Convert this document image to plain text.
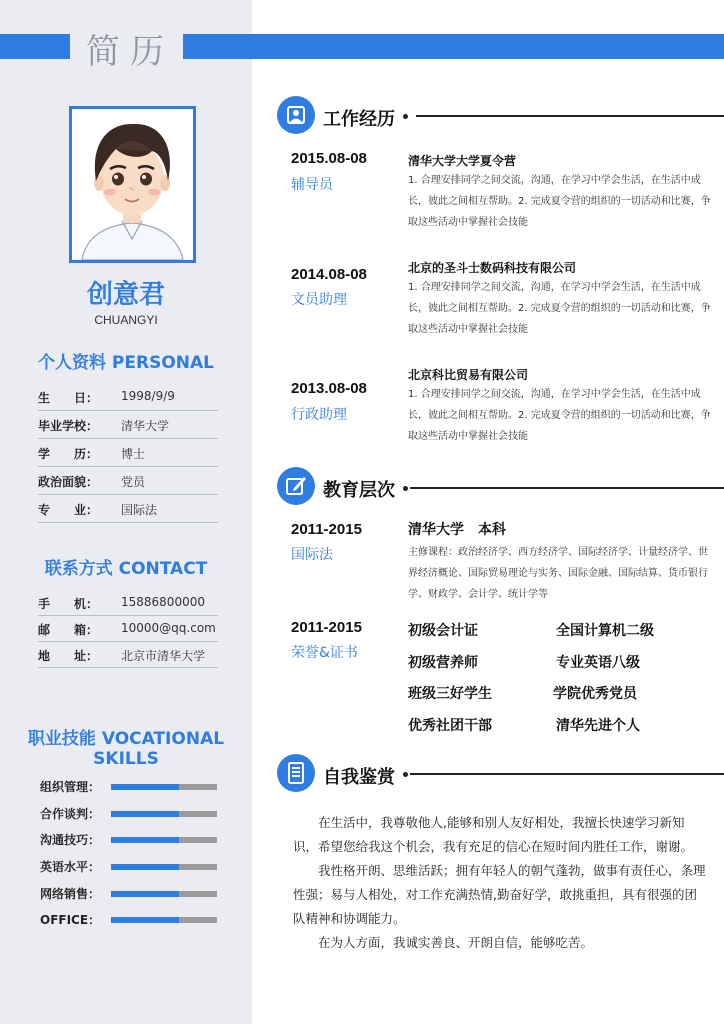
简历
创意君
CHUANGYI
个人资料 PERSONAL
生　　日： 1998/9/9
毕业学校： 清华大学
学　　历： 博士
政治面貌： 党员
专　　业： 国际法
联系方式 CONTACT
手　　机： 15886800000
邮　　箱： 10000@qq.com
地　　址： 北京市清华大学
职业技能 VOCATIONAL
SKILLS
组织管理：
合作谈判：
沟通技巧：
英语水平：
网络销售：
OFFICE：
工作经历
2015.08-08
辅导员
清华大学大学夏令营
1. 合理安排同学之间交流，沟通，在学习中学会生活，在生活中成长，彼此之间相互帮助。2. 完成夏令营的组织的一切活动和比赛，争取这些活动中掌握社会技能
2014.08-08
文员助理
北京的圣斗士数码科技有限公司
1. 合理安排同学之间交流，沟通，在学习中学会生活，在生活中成长，彼此之间相互帮助。2. 完成夏令营的组织的一切活动和比赛，争取这些活动中掌握社会技能
2013.08-08
行政助理
北京科比贸易有限公司
1. 合理安排同学之间交流，沟通，在学习中学会生活，在生活中成长，彼此之间相互帮助。2. 完成夏令营的组织的一切活动和比赛，争取这些活动中掌握社会技能
教育层次
2011-2015
国际法
清华大学　本科
主修课程：政治经济学、西方经济学、国际经济学、计量经济学、世界经济概论、国际贸易理论与实务、国际金融、国际结算、货币银行学、财政学、会计学、统计学等
2011-2015
荣誉&证书
初级会计证	全国计算机二级
初级营养师	专业英语八级
班级三好学生	学院优秀党员
优秀社团干部	清华先进个人
自我鉴赏

在生活中，我尊敬他人,能够和别人友好相处，我擅长快速学习新知识，希望您给我这个机会，我有充足的信心在短时间内胜任工作，谢谢。

我性格开朗、思维活跃；拥有年轻人的朝气蓬勃，做事有责任心，条理性强；易与人相处，对工作充满热情,勤奋好学，敢挑重担，具有很强的团队精神和协调能力。

在为人方面，我诚实善良、开朗自信，能够吃苦。
